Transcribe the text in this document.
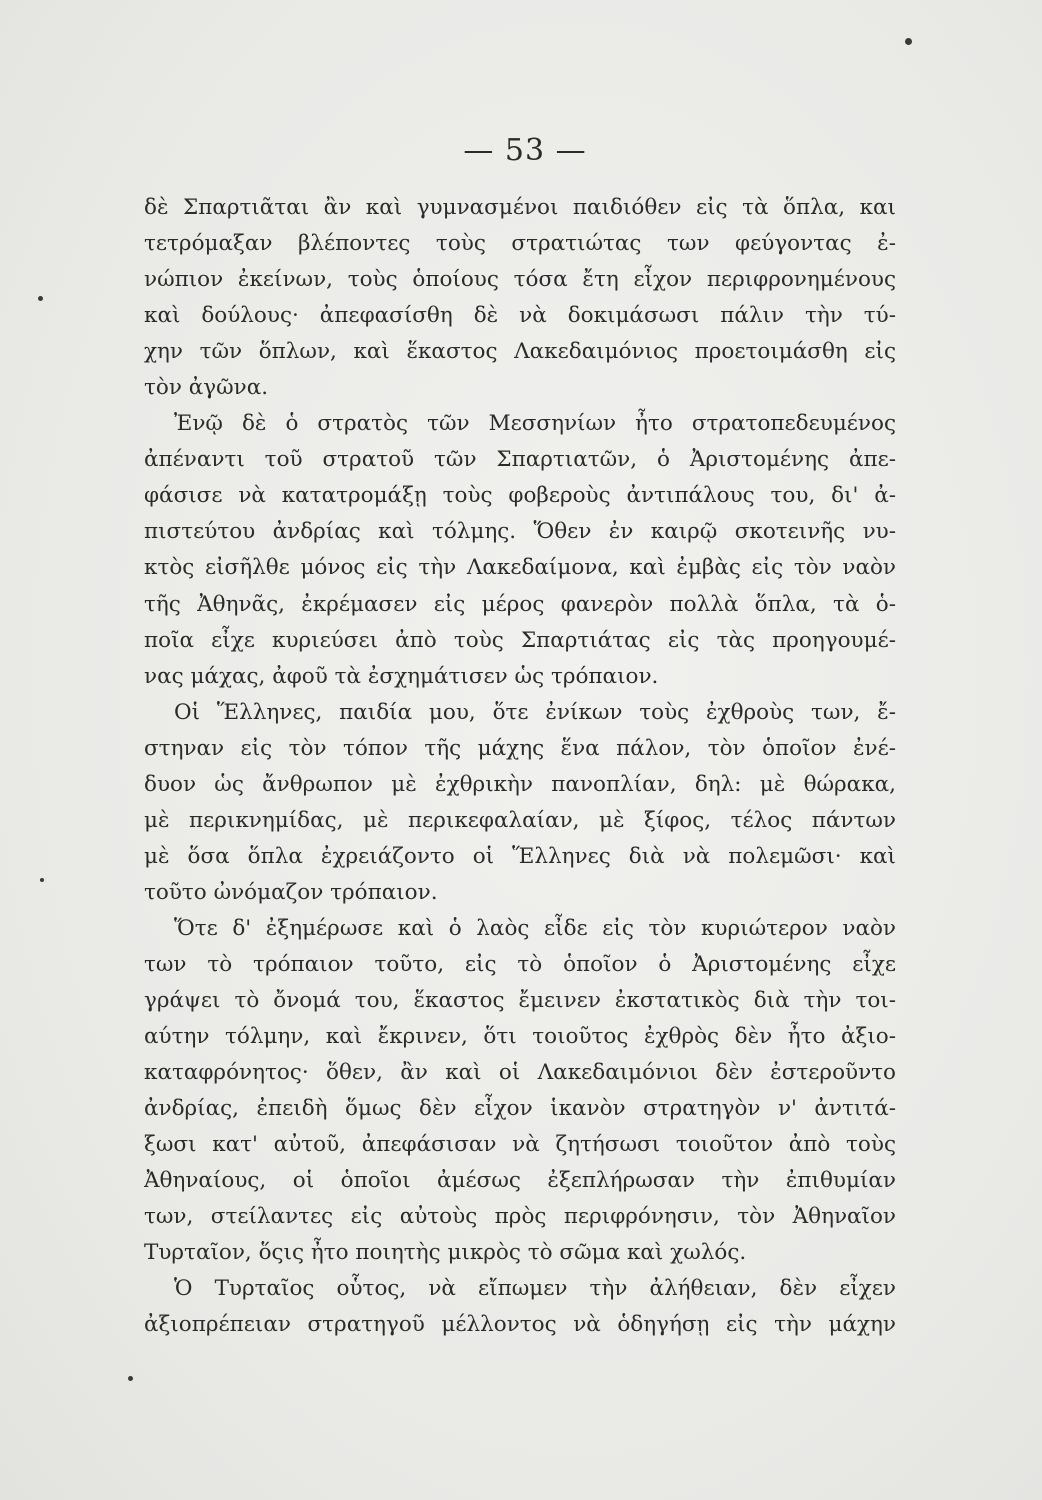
— 53 —
δὲ Σπαρτιᾶται ἂν καὶ γυμνασμένοι παιδιόθεν εἰς τὰ ὅπλα, και
τετρόμαξαν βλέποντες τοὺς στρατιώτας των φεύγοντας ἐ-
νώπιον ἐκείνων, τοὺς ὁποίους τόσα ἔτη εἶχον περιφρονημένους
καὶ δούλους· ἀπεφασίσθη δὲ νὰ δοκιμάσωσι πάλιν τὴν τύ-
χην τῶν ὅπλων, καὶ ἕκαστος Λακεδαιμόνιος προετοιμάσθη εἰς
τὸν ἀγῶνα.
Ἐνῷ δὲ ὁ στρατὸς τῶν Μεσσηνίων ἦτο στρατοπεδευμένος
ἀπέναντι τοῦ στρατοῦ τῶν Σπαρτιατῶν, ὁ Ἀριστομένης ἀπε-
φάσισε νὰ κατατρομάξῃ τοὺς φοβεροὺς ἀντιπάλους του, δι' ἀ-
πιστεύτου ἀνδρίας καὶ τόλμης. Ὅθεν ἐν καιρῷ σκοτεινῆς νυ-
κτὸς εἰσῆλθε μόνος εἰς τὴν Λακεδαίμονα, καὶ ἐμβὰς εἰς τὸν ναὸν
τῆς Ἀθηνᾶς, ἐκρέμασεν εἰς μέρος φανερὸν πολλὰ ὅπλα, τὰ ὁ-
ποῖα εἶχε κυριεύσει ἀπὸ τοὺς Σπαρτιάτας εἰς τὰς προηγουμέ-
νας μάχας, ἀφοῦ τὰ ἐσχημάτισεν ὡς τρόπαιον.
Οἱ Ἕλληνες, παιδία μου, ὅτε ἐνίκων τοὺς ἐχθροὺς των, ἔ-
στηναν εἰς τὸν τόπον τῆς μάχης ἕνα πάλον, τὸν ὁποῖον ἐνέ-
δυον ὡς ἄνθρωπον μὲ ἐχθρικὴν πανοπλίαν, δηλ: μὲ θώρακα,
μὲ περικνημίδας, μὲ περικεφαλαίαν, μὲ ξίφος, τέλος πάντων
μὲ ὅσα ὅπλα ἐχρειάζοντο οἱ Ἕλληνες διὰ νὰ πολεμῶσι· καὶ
τοῦτο ὠνόμαζον τρόπαιον.
Ὅτε δ' ἐξημέρωσε καὶ ὁ λαὸς εἶδε εἰς τὸν κυριώτερον ναὸν
των τὸ τρόπαιον τοῦτο, εἰς τὸ ὁποῖον ὁ Ἀριστομένης εἶχε
γράψει τὸ ὄνομά του, ἕκαστος ἔμεινεν ἐκστατικὸς διὰ τὴν τοι-
αύτην τόλμην, καὶ ἔκρινεν, ὅτι τοιοῦτος ἐχθρὸς δὲν ἦτο ἀξιο-
καταφρόνητος· ὅθεν, ἂν καὶ οἱ Λακεδαιμόνιοι δὲν ἐστεροῦντο
ἀνδρίας, ἐπειδὴ ὅμως δὲν εἶχον ἱκανὸν στρατηγὸν ν' ἀντιτά-
ξωσι κατ' αὐτοῦ, ἀπεφάσισαν νὰ ζητήσωσι τοιοῦτον ἀπὸ τοὺς
Ἀθηναίους, οἱ ὁποῖοι ἀμέσως ἐξεπλήρωσαν τὴν ἐπιθυμίαν
των, στείλαντες εἰς αὐτοὺς πρὸς περιφρόνησιν, τὸν Ἀθηναῖον
Τυρταῖον, ὅςις ἦτο ποιητὴς μικρὸς τὸ σῶμα καὶ χωλός.
Ὁ Τυρταῖος οὗτος, νὰ εἴπωμεν τὴν ἀλήθειαν, δὲν εἶχεν
ἀξιοπρέπειαν στρατηγοῦ μέλλοντος νὰ ὁδηγήσῃ εἰς τὴν μάχην
